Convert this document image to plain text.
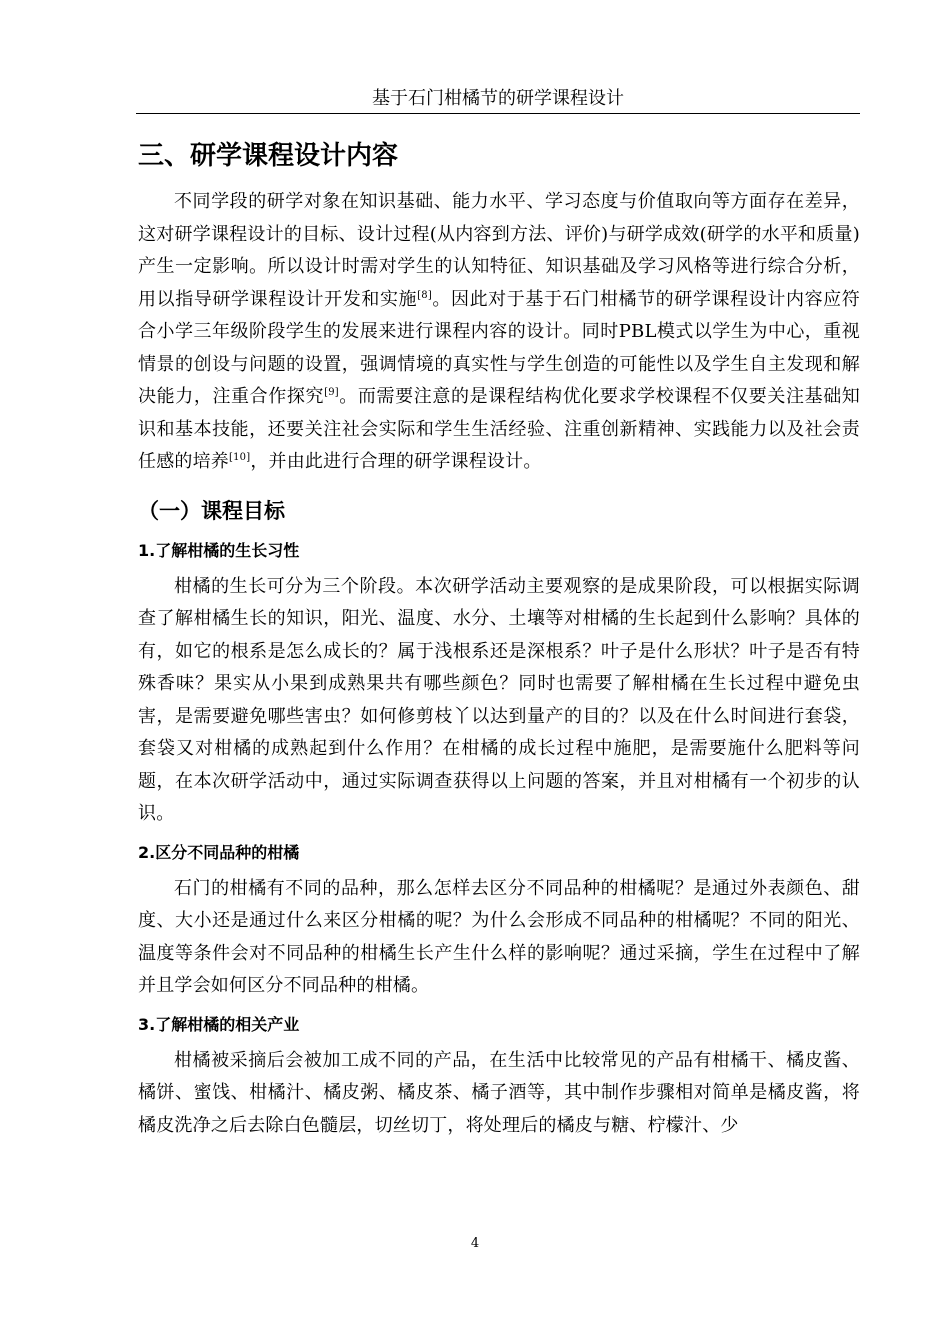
基于石门柑橘节的研学课程设计
三、研学课程设计内容

不同学段的研学对象在知识基础、能力水平、学习态度与价值取向等方面存在差异，这对研学课程设计的目标、设计过程(从内容到方法、评价)与研学成效(研学的水平和质量)产生一定影响。所以设计时需对学生的认知特征、知识基础及学习风格等进行综合分析，用以指导研学课程设计开发和实施[8]。因此对于基于石门柑橘节的研学课程设计内容应符合小学三年级阶段学生的发展来进行课程内容的设计。同时PBL模式以学生为中心，重视情景的创设与问题的设置，强调情境的真实性与学生创造的可能性以及学生自主发现和解决能力，注重合作探究[9]。而需要注意的是课程结构优化要求学校课程不仅要关注基础知识和基本技能，还要关注社会实际和学生生活经验、注重创新精神、实践能力以及社会责任感的培养[10]，并由此进行合理的研学课程设计。

（一）课程目标
1.了解柑橘的生长习性

柑橘的生长可分为三个阶段。本次研学活动主要观察的是成果阶段，可以根据实际调查了解柑橘生长的知识，阳光、温度、水分、土壤等对柑橘的生长起到什么影响？具体的有，如它的根系是怎么成长的？属于浅根系还是深根系？叶子是什么形状？叶子是否有特殊香味？果实从小果到成熟果共有哪些颜色？同时也需要了解柑橘在生长过程中避免虫害，是需要避免哪些害虫？如何修剪枝丫以达到量产的目的？以及在什么时间进行套袋，套袋又对柑橘的成熟起到什么作用？在柑橘的成长过程中施肥，是需要施什么肥料等问题，在本次研学活动中，通过实际调查获得以上问题的答案，并且对柑橘有一个初步的认识。

2.区分不同品种的柑橘

石门的柑橘有不同的品种，那么怎样去区分不同品种的柑橘呢？是通过外表颜色、甜度、大小还是通过什么来区分柑橘的呢？为什么会形成不同品种的柑橘呢？不同的阳光、温度等条件会对不同品种的柑橘生长产生什么样的影响呢？通过采摘，学生在过程中了解并且学会如何区分不同品种的柑橘。

3.了解柑橘的相关产业

柑橘被采摘后会被加工成不同的产品，在生活中比较常见的产品有柑橘干、橘皮酱、橘饼、蜜饯、柑橘汁、橘皮粥、橘皮茶、橘子酒等，其中制作步骤相对简单是橘皮酱，将橘皮洗净之后去除白色髓层，切丝切丁，将处理后的橘皮与糖、柠檬汁、少

4
